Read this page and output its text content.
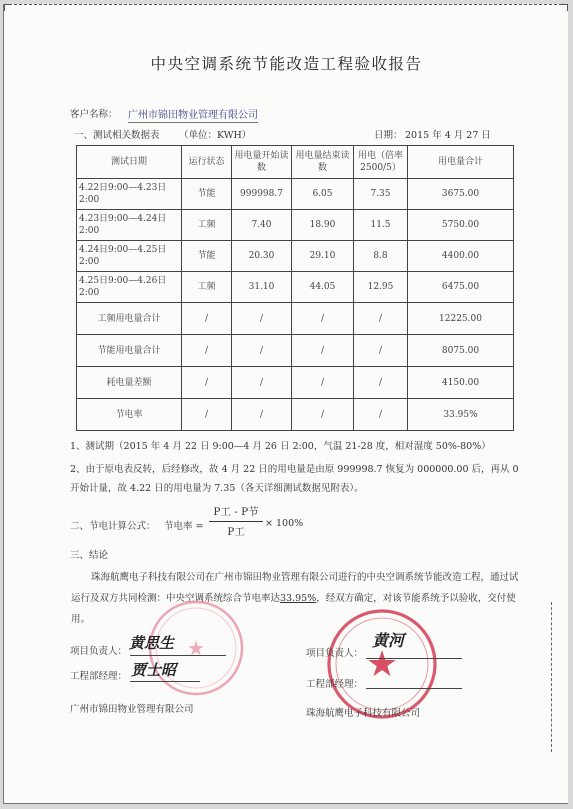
中央空调系统节能改造工程验收报告
客户名称： 广州市锦田物业管理有限公司
一、测试相关数据表 （单位：KWH）	日期： 2015 年 4 月 27 日
测试日期	运行状态	用电量开始读数	用电量结束读数	用电（倍率2500/5）	用电量合计
4.22日9:00—4.23日2:00	节能	999998.7	6.05	7.35	3675.00
4.23日9:00—4.24日2:00	工频	7.40	18.90	11.5	5750.00
4.24日9:00—4.25日2:00	节能	20.30	29.10	8.8	4400.00
4.25日9:00—4.26日2:00	工频	31.10	44.05	12.95	6475.00
工频用电量合计	/	/	/	/	12225.00
节能用电量合计	/	/	/	/	8075.00
耗电量差额	/	/	/	/	4150.00
节电率	/	/	/	/	33.95%
1、测试期（2015 年 4 月 22 日 9:00—4 月 26 日 2:00，气温 21-28 度，相对湿度 50%-80%）
2、由于原电表反转，后经修改，故 4 月 22 日的用电量是由原 999998.7 恢复为 000000.00 后，再从 0
开始计量，故 4.22 日的用电量为 7.35（各天详细测试数据见附表）。
二、节电计算公式： 节电率 =
P工 - P节
P工
× 100%
三、结论
珠海航鹰电子科技有限公司在广州市锦田物业管理有限公司进行的中央空调系统节能改造工程，通过试运行及双方共同检测：中央空调系统综合节电率达33.95%，经双方确定，对该节能系统予以验收，交付使用。
★
项目负责人：
工程部经理：
广州市锦田物业管理有限公司
黄思生
贾士昭	★
项目负责人：
工程部经理：
珠海航鹰电子科技有限公司
黄河
